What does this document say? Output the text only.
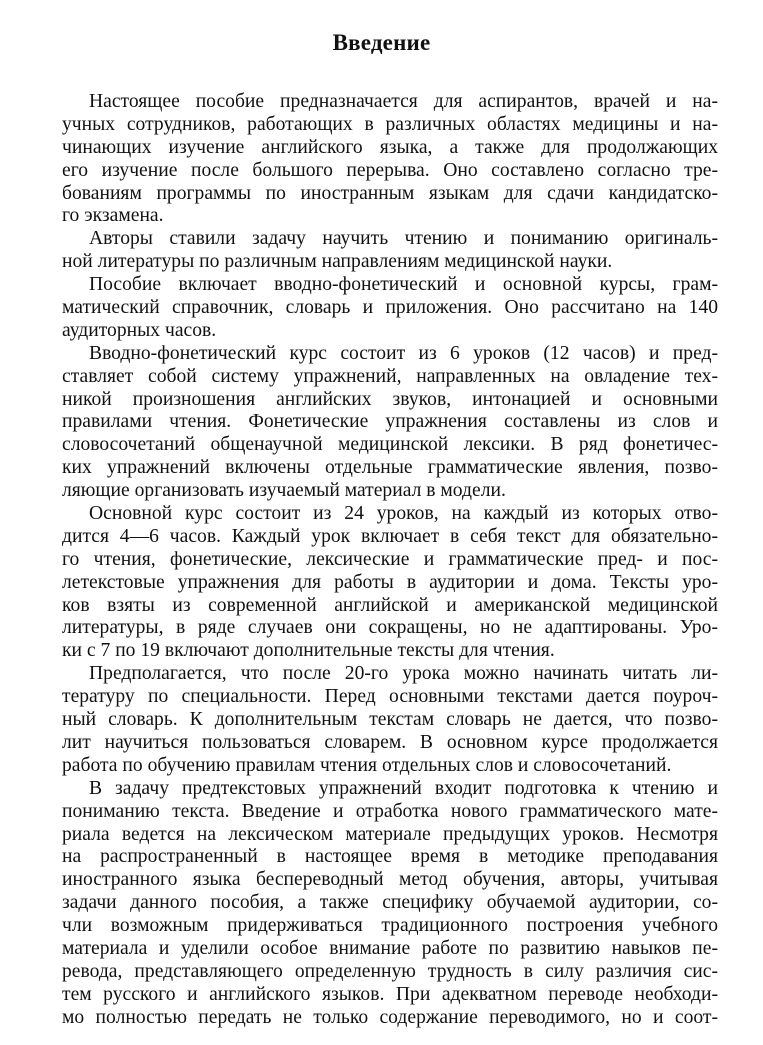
Введение
Настоящее пособие предназначается для аспирантов, врачей и на-
учных сотрудников, работающих в различных областях медицины и на-
чинающих изучение английского языка, а также для продолжающих
его изучение после большого перерыва. Оно составлено согласно тре-
бованиям программы по иностранным языкам для сдачи кандидатско-
го экзамена.
Авторы ставили задачу научить чтению и пониманию оригиналь-
ной литературы по различным направлениям медицинской науки.
Пособие включает вводно-фонетический и основной курсы, грам-
матический справочник, словарь и приложения. Оно рассчитано на 140
аудиторных часов.
Вводно-фонетический курс состоит из 6 уроков (12 часов) и пред-
ставляет собой систему упражнений, направленных на овладение тех-
никой произношения английских звуков, интонацией и основными
правилами чтения. Фонетические упражнения составлены из слов и
словосочетаний общенаучной медицинской лексики. В ряд фонетичес-
ких упражнений включены отдельные грамматические явления, позво-
ляющие организовать изучаемый материал в модели.
Основной курс состоит из 24 уроков, на каждый из которых отво-
дится 4—6 часов. Каждый урок включает в себя текст для обязательно-
го чтения, фонетические, лексические и грамматические пред- и пос-
летекстовые упражнения для работы в аудитории и дома. Тексты уро-
ков взяты из современной английской и американской медицинской
литературы, в ряде случаев они сокращены, но не адаптированы. Уро-
ки с 7 по 19 включают дополнительные тексты для чтения.
Предполагается, что после 20-го урока можно начинать читать ли-
тературу по специальности. Перед основными текстами дается поуроч-
ный словарь. К дополнительным текстам словарь не дается, что позво-
лит научиться пользоваться словарем. В основном курсе продолжается
работа по обучению правилам чтения отдельных слов и словосочетаний.
В задачу предтекстовых упражнений входит подготовка к чтению и
пониманию текста. Введение и отработка нового грамматического мате-
риала ведется на лексическом материале предыдущих уроков. Несмотря
на распространенный в настоящее время в методике преподавания
иностранного языка беспереводный метод обучения, авторы, учитывая
задачи данного пособия, а также специфику обучаемой аудитории, со-
чли возможным придерживаться традиционного построения учебного
материала и уделили особое внимание работе по развитию навыков пе-
ревода, представляющего определенную трудность в силу различия сис-
тем русского и английского языков. При адекватном переводе необходи-
мо полностью передать не только содержание переводимого, но и соот-
